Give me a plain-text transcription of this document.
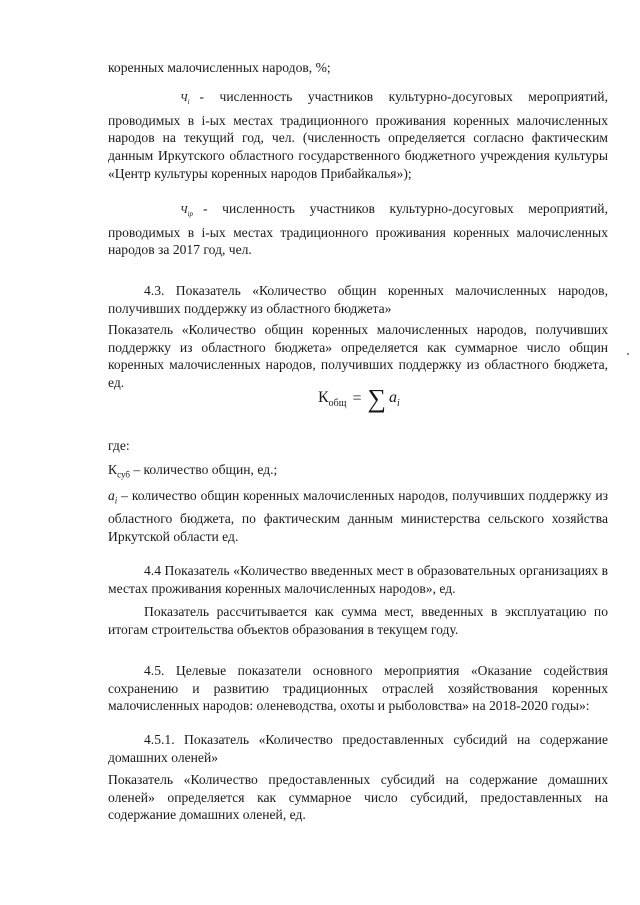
коренных малочисленных народов, %;

$Ч_i$ - численность участников культурно-досуговых мероприятий, проводимых в i-ых местах традиционного проживания коренных малочисленных народов на текущий год, чел. (численность определяется согласно фактическим данным Иркутского областного государственного бюджетного учреждения культуры «Центр культуры коренных народов Прибайкалья»);

$Ч_{ip}$ - численность участников культурно-досуговых мероприятий, проводимых в i-ых местах традиционного проживания коренных малочисленных народов за 2017 год, чел.

4.3. Показатель «Количество общин коренных малочисленных народов, получивших поддержку из областного бюджета»

Показатель «Количество общин коренных малочисленных народов, получивших поддержку из областного бюджета» определяется как суммарное число общин коренных малочисленных народов, получивших поддержку из областного бюджета, ед.

$К_{общ}$ = ∑ $a_i$

где:

$К_{суб}$ – количество общин, ед.;

$a_i$ – количество общин коренных малочисленных народов, получивших поддержку из областного бюджета, по фактическим данным министерства сельского хозяйства Иркутской области ед.

4.4 Показатель «Количество введенных мест в образовательных организациях в местах проживания коренных малочисленных народов», ед.

Показатель рассчитывается как сумма мест, введенных в эксплуатацию по итогам строительства объектов образования в текущем году.

4.5. Целевые показатели основного мероприятия «Оказание содействия сохранению и развитию традиционных отраслей хозяйствования коренных малочисленных народов: оленеводства, охоты и рыболовства» на 2018-2020 годы»:

4.5.1. Показатель «Количество предоставленных субсидий на содержание домашних оленей»

Показатель «Количество предоставленных субсидий на содержание домашних оленей» определяется как суммарное число субсидий, предоставленных на содержание домашних оленей, ед.
